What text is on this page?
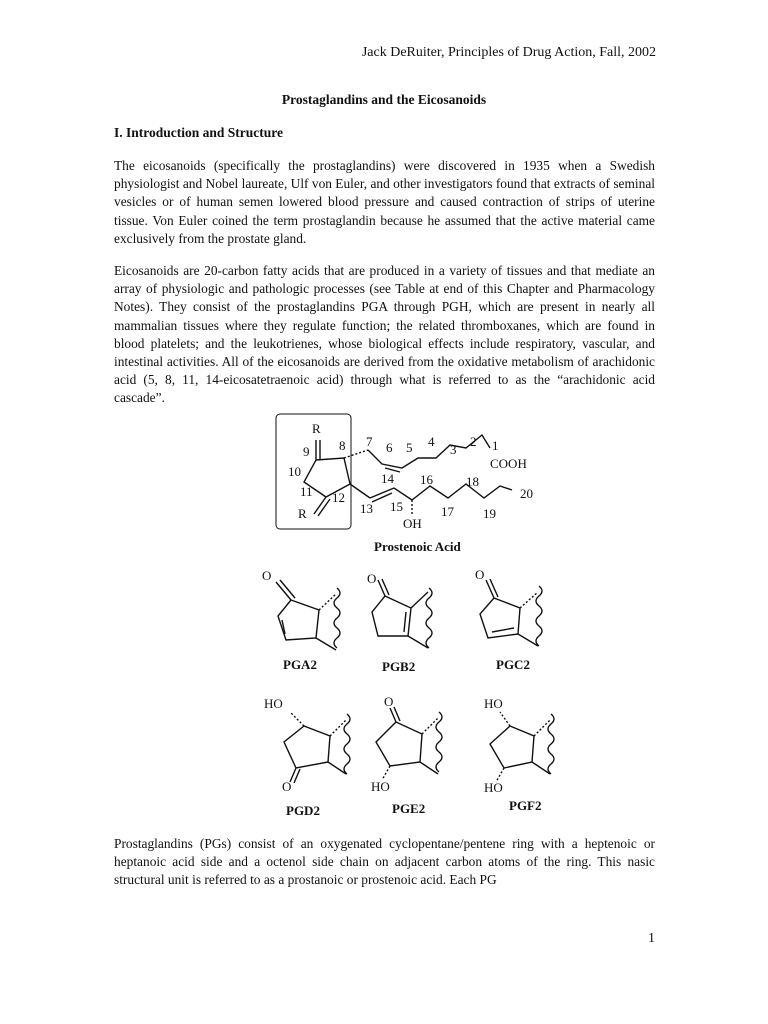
Jack DeRuiter, Principles of Drug Action, Fall, 2002
Prostaglandins and the Eicosanoids
I. Introduction and Structure

The eicosanoids (specifically the prostaglandins) were discovered in 1935 when a Swedish physiologist and Nobel laureate, Ulf von Euler, and other investigators found that extracts of seminal vesicles or of human semen lowered blood pressure and caused contraction of strips of uterine tissue. Von Euler coined the term prostaglandin because he assumed that the active material came exclusively from the prostate gland.

Eicosanoids are 20-carbon fatty acids that are produced in a variety of tissues and that mediate an array of physiologic and pathologic processes (see Table at end of this Chapter and Pharmacology Notes). They consist of the prostaglandins PGA through PGH, which are present in nearly all mammalian tissues where they regulate function; the related thromboxanes, which are found in blood platelets; and the leukotrienes, whose biological effects include respiratory, vascular, and intestinal activities. All of the eicosanoids are derived from the oxidative metabolism of arachidonic acid (5, 8, 11, 14-eicosatetraenoic acid) through what is referred to as the “arachidonic acid cascade”.

R
R
9 8
10
11 12
7 6 5 4
3
2 1
COOH
14 16	18
20
13 15	17 19
OH
Prostenoic Acid
O	O	O
PGA2	PGB2	PGC2
HO
O
O
HO
HO
HO
PGD2	PGE2	PGF2

Prostaglandins (PGs) consist of an oxygenated cyclopentane/pentene ring with a heptenoic or heptanoic acid side and a octenol side chain on adjacent carbon atoms of the ring. This nasic structural unit is referred to as a prostanoic or prostenoic acid. Each PG

1
